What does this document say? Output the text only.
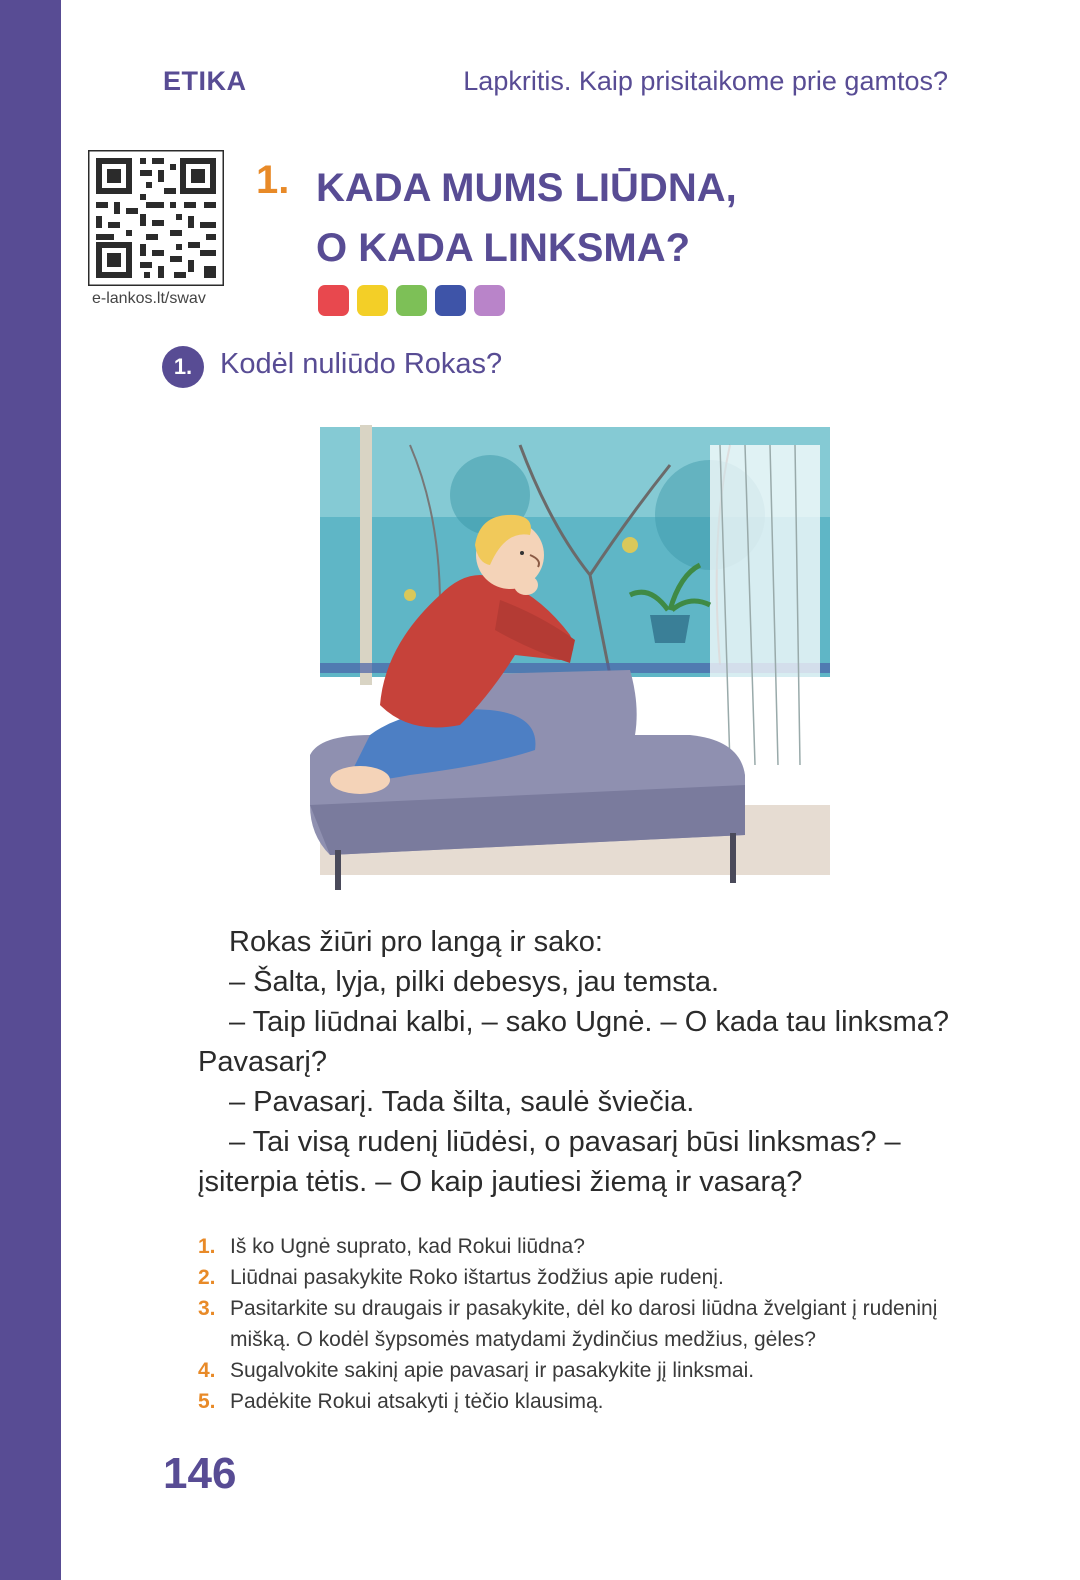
ETIKA	Lapkritis. Kaip prisitaikome prie gamtos?
e-lankos.lt/swav
1. KADA MUMS LIŪDNA,
O KADA LINKSMA?
1. Kodėl nuliūdo Rokas?

Rokas žiūri pro langą ir sako:

– Šalta, lyja, pilki debesys, jau temsta.

– Taip liūdnai kalbi, – sako Ugnė. – O kada tau linksma? Pavasarį?

– Pavasarį. Tada šilta, saulė šviečia.

– Tai visą rudenį liūdėsi, o pavasarį būsi linksmas? – įsiterpia tėtis. – O kaip jautiesi žiemą ir vasarą?

1. Iš ko Ugnė suprato, kad Rokui liūdna?
2. Liūdnai pasakykite Roko ištartus žodžius apie rudenį.
3. Pasitarkite su draugais ir pasakykite, dėl ko darosi liūdna žvelgiant į rudeninį mišką. O kodėl šypsomės matydami žydinčius medžius, gėles?
4. Sugalvokite sakinį apie pavasarį ir pasakykite jį linksmai.
5. Padėkite Rokui atsakyti į tėčio klausimą.
146
